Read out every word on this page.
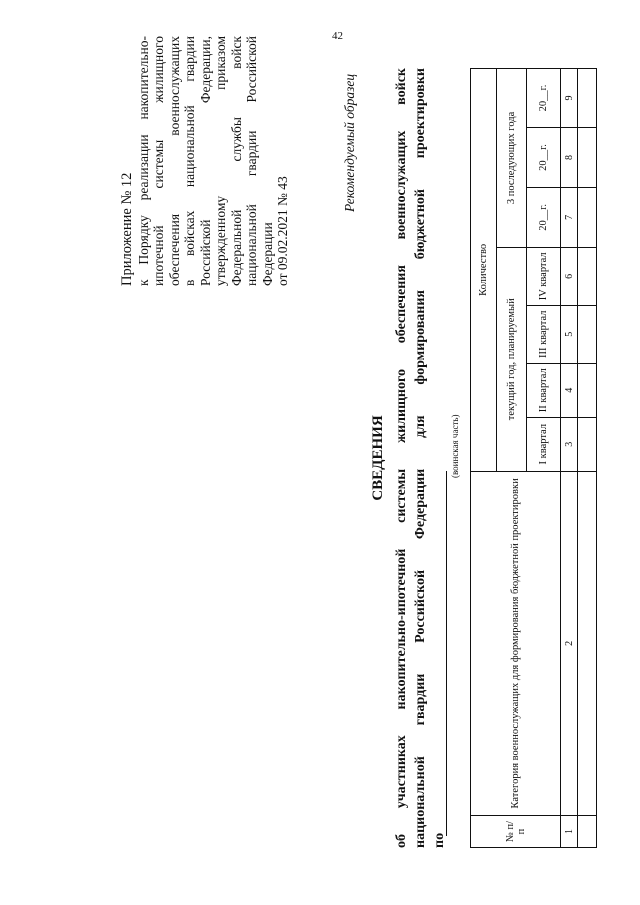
42
Приложение № 12 к Порядку реализации накопительно- ипотечной системы жилищного обеспечения военнослужащих в войсках национальной гвардии Российской Федерации, утвержденному приказом Федеральной службы войск национальной гвардии Российской Федерации от 09.02.2021 № 43
Рекомендуемый образец
СВЕДЕНИЯ об участниках накопительно-ипотечной системы жилищного обеспечения военнослужащих войск национальной гвардии Российской Федерации для формирования бюджетной проектировки по
(воинская часть)
№ п/п	Категория военнослужащих для формирования бюджетной проектировки	Количество						
		текущий год, планируемый				3 последующих года		
		I квартал	II квартал	III квартал	IV квартал	20__г.	20__г.	20__г.
1	2	3	4	5	6	7	8	9
